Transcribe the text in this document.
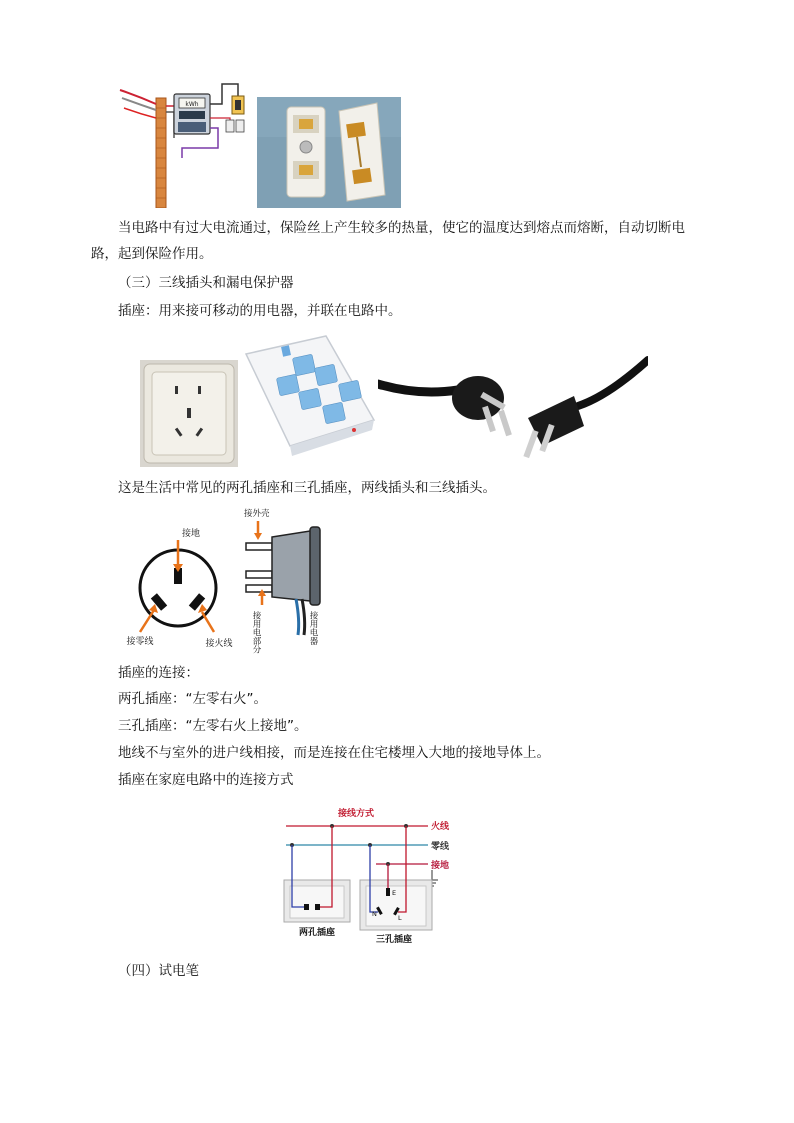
kWh
当电路中有过大电流通过，保险丝上产生较多的热量，使它的温度达到熔点而熔断，自动切断电
路，起到保险作用。
（三）三线插头和漏电保护器
插座：用来接可移动的用电器，并联在电路中。
这是生活中常见的两孔插座和三孔插座，两线插头和三线插头。
接地
接零线	接火线
接外壳
接用电部分	接用电器
插座的连接：
两孔插座：“左零右火”。
三孔插座：“左零右火上接地”。
地线不与室外的进户线相接，而是连接在住宅楼埋入大地的接地导体上。
插座在家庭电路中的连接方式
接线方式
火线
零线
接地
两孔插座
E
N	L
三孔插座
（四）试电笔
